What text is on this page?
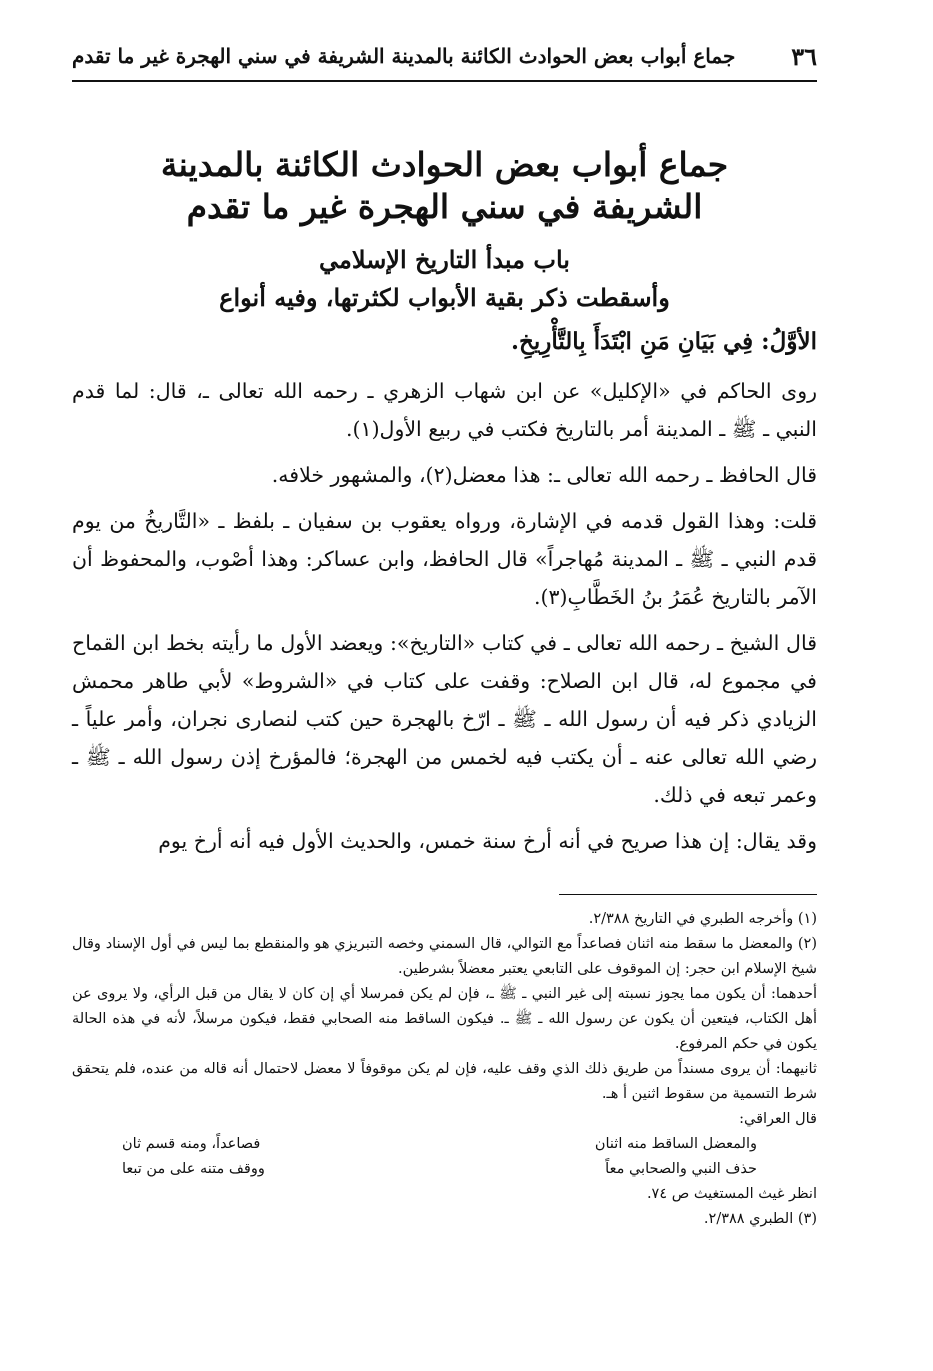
٣٦
جماع أبواب بعض الحوادث الكائنة بالمدينة الشريفة في سني الهجرة غير ما تقدم
جماع أبواب بعض الحوادث الكائنة بالمدينة
الشريفة في سني الهجرة غير ما تقدم
باب مبدأ التاريخ الإسلامي
وأسقطت ذكر بقية الأبواب لكثرتها، وفيه أنواع
الأوَّلُ: فِي بَيَانِ مَنِ ابْتَدَأَ بِالتَّأْرِيخِ.

روى الحاكم في «الإكليل» عن ابن شهاب الزهري ـ رحمه الله تعالى ـ، قال: لما قدم النبي ـ ﷺ ـ المدينة أمر بالتاريخ فكتب في ربيع الأول(١).

قال الحافظ ـ رحمه الله تعالى ـ: هذا معضل(٢)، والمشهور خلافه.

قلت: وهذا القول قدمه في الإشارة، ورواه يعقوب بن سفيان ـ بلفظ ـ «التَّاريخُ من يوم قدم النبي ـ ﷺ ـ المدينة مُهاجراً» قال الحافظ، وابن عساكر: وهذا أصْوب، والمحفوظ أن الآمر بالتاريخ عُمَرُ بنُ الخَطَّابِ(٣).

قال الشيخ ـ رحمه الله تعالى ـ في كتاب «التاريخ»: ويعضد الأول ما رأيته بخط ابن القماح في مجموع له، قال ابن الصلاح: وقفت على كتاب في «الشروط» لأبي طاهر محمش الزيادي ذكر فيه أن رسول الله ـ ﷺ ـ ارّخ بالهجرة حين كتب لنصارى نجران، وأمر علياً ـ رضي الله تعالى عنه ـ أن يكتب فيه لخمس من الهجرة؛ فالمؤرخ إذن رسول الله ـ ﷺ ـ وعمر تبعه في ذلك.

وقد يقال: إن هذا صريح في أنه أرخ سنة خمس، والحديث الأول فيه أنه أرخ يوم

(١) وأخرجه الطبري في التاريخ ٢/٣٨٨.

(٢) والمعضل ما سقط منه اثنان فصاعداً مع التوالي، قال السمني وخصه التبريزي هو والمنقطع بما ليس في أول الإسناد وقال شيخ الإسلام ابن حجر: إن الموقوف على التابعي يعتبر معضلاً بشرطين.

أحدهما: أن يكون مما يجوز نسبته إلى غير النبي ـ ﷺ ـ، فإن لم يكن فمرسلا أي إن كان لا يقال من قبل الرأي، ولا يروى عن أهل الكتاب، فيتعين أن يكون عن رسول الله ـ ﷺ ـ. فيكون الساقط منه الصحابي فقط، فيكون مرسلاً، لأنه في هذه الحالة يكون في حكم المرفوع.

ثانيهما: أن يروى مسنداً من طريق ذلك الذي وقف عليه، فإن لم يكن موقوفاً لا معضل لاحتمال أنه قاله من عنده، فلم يتحقق شرط التسمية من سقوط اثنين أ هـ.

قال العراقي:

والمعضل الساقط منه اثنان
فصاعداً، ومنه قسم ثان
حذف النبي والصحابي معاً
ووقف متنه على من تبعا

انظر غيث المستغيث ص ٧٤.

(٣) الطبري ٢/٣٨٨.
